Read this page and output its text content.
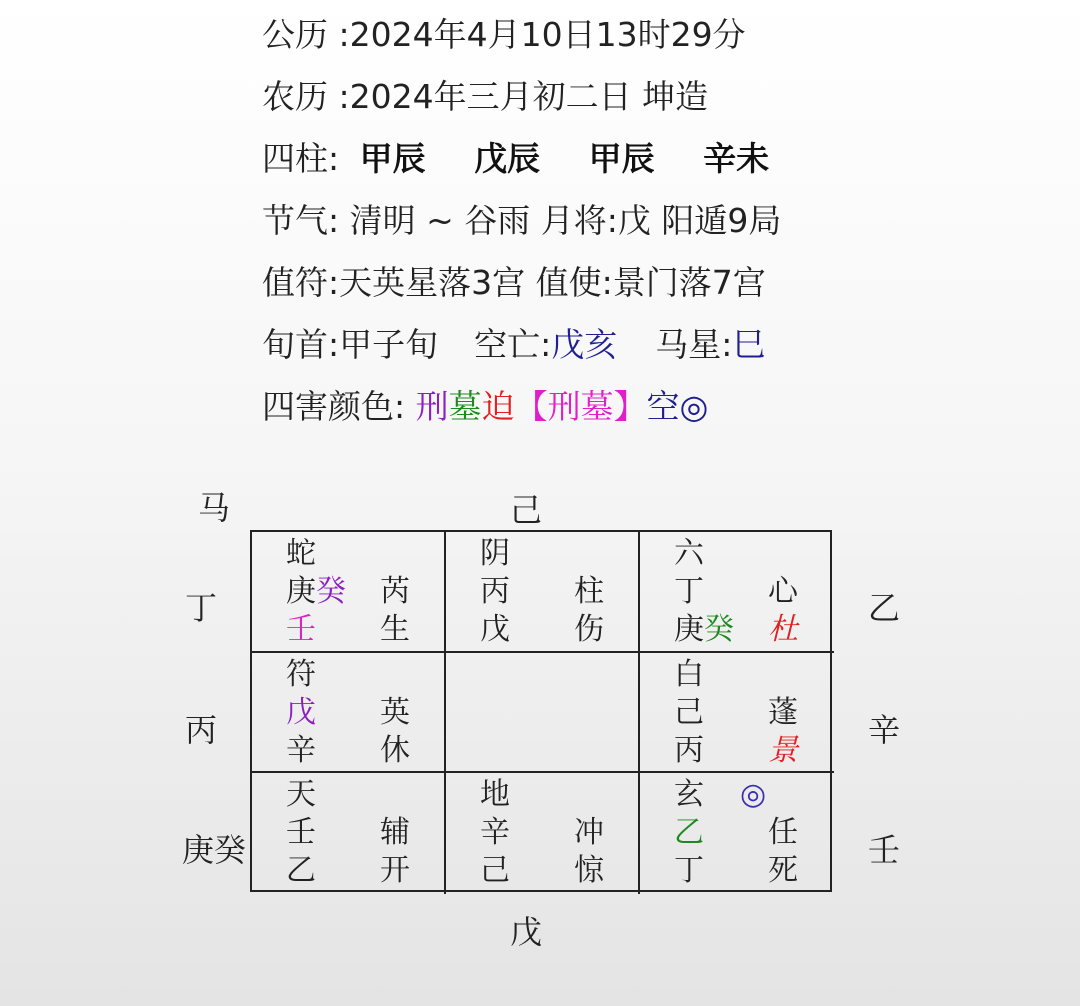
公历 :2024年4月10日13时29分
农历 :2024年三月初二日 坤造
四柱: 甲辰 戊辰 甲辰 辛未
节气: 清明 ~ 谷雨 月将:戊 阳遁9局
值符:天英星落3宫 值使:景门落7宫
旬首:甲子旬 空亡:戊亥 马星:巳
四害颜色: 刑墓迫【刑墓】空◎
马	己
丁
丙
庚癸
乙
辛
壬
戊
蛇
庚癸
壬
芮
生
阴
丙
戊
柱
伤
六
丁
庚癸
心
杜
符
戊
辛
英
休
白
己
丙
蓬
景
天
壬
乙
辅
开
地
辛
己
冲
惊
玄 ◎
乙
丁
任
死
